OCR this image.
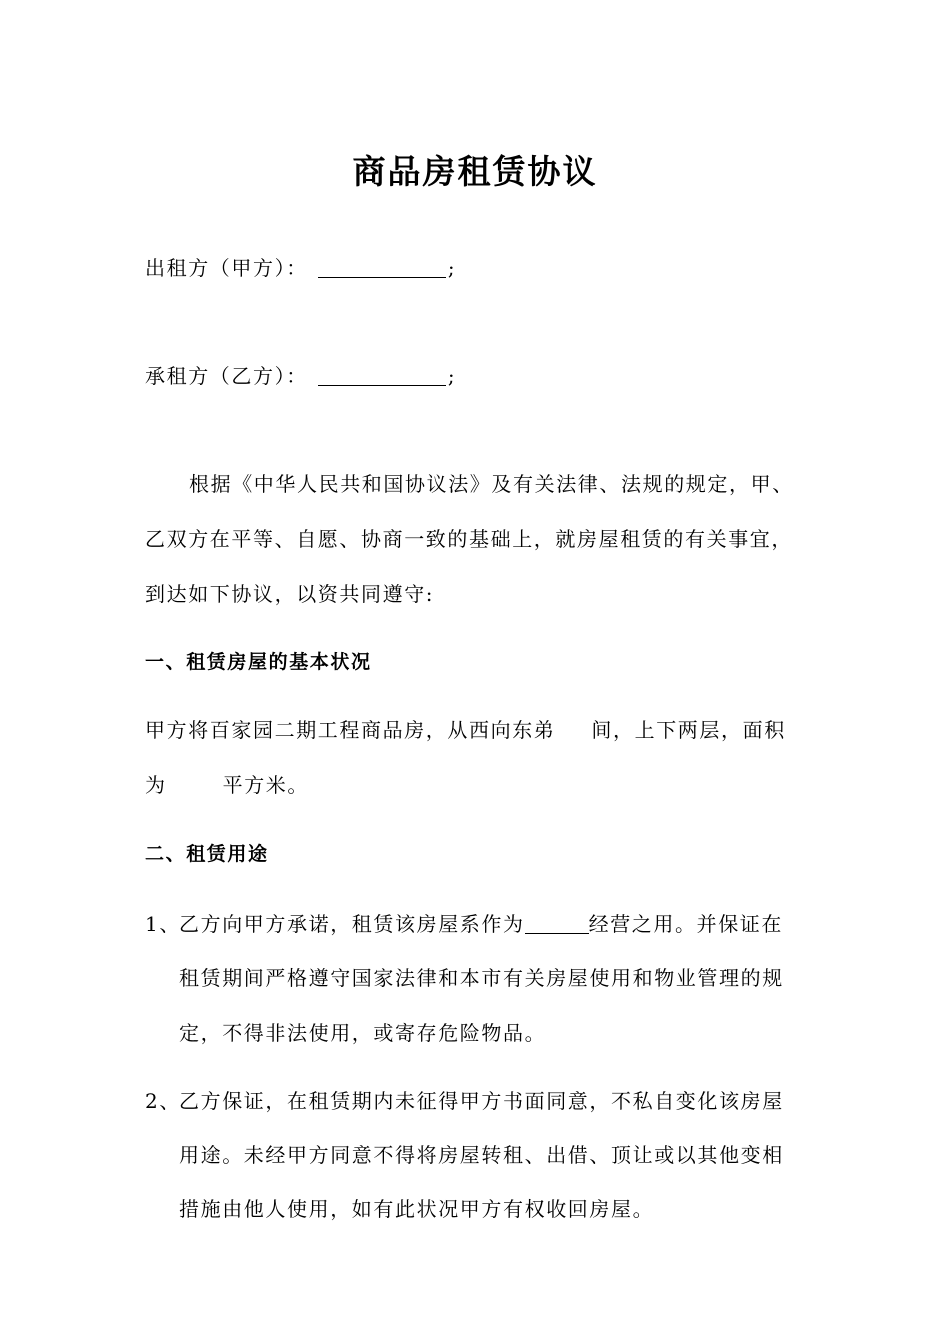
商品房租赁协议
出租方（甲方）：	;
承租方（乙方）：	;
根据《中华人民共和国协议法》及有关法律、法规的规定，甲、
乙双方在平等、自愿、协商一致的基础上，就房屋租赁的有关事宜，
到达如下协议，以资共同遵守:
一、租赁房屋的基本状况
甲方将百家园二期工程商品房，从西向东弟 间，上下两层，面积
为	平方米。
二、租赁用途
1、乙方向甲方承诺，租赁该房屋系作为	经营之用。并保证在
租赁期间严格遵守国家法律和本市有关房屋使用和物业管理的规
定，不得非法使用，或寄存危险物品。
2、乙方保证，在租赁期内未征得甲方书面同意，不私自变化该房屋
用途。未经甲方同意不得将房屋转租、出借、顶让或以其他变相
措施由他人使用，如有此状况甲方有权收回房屋。
